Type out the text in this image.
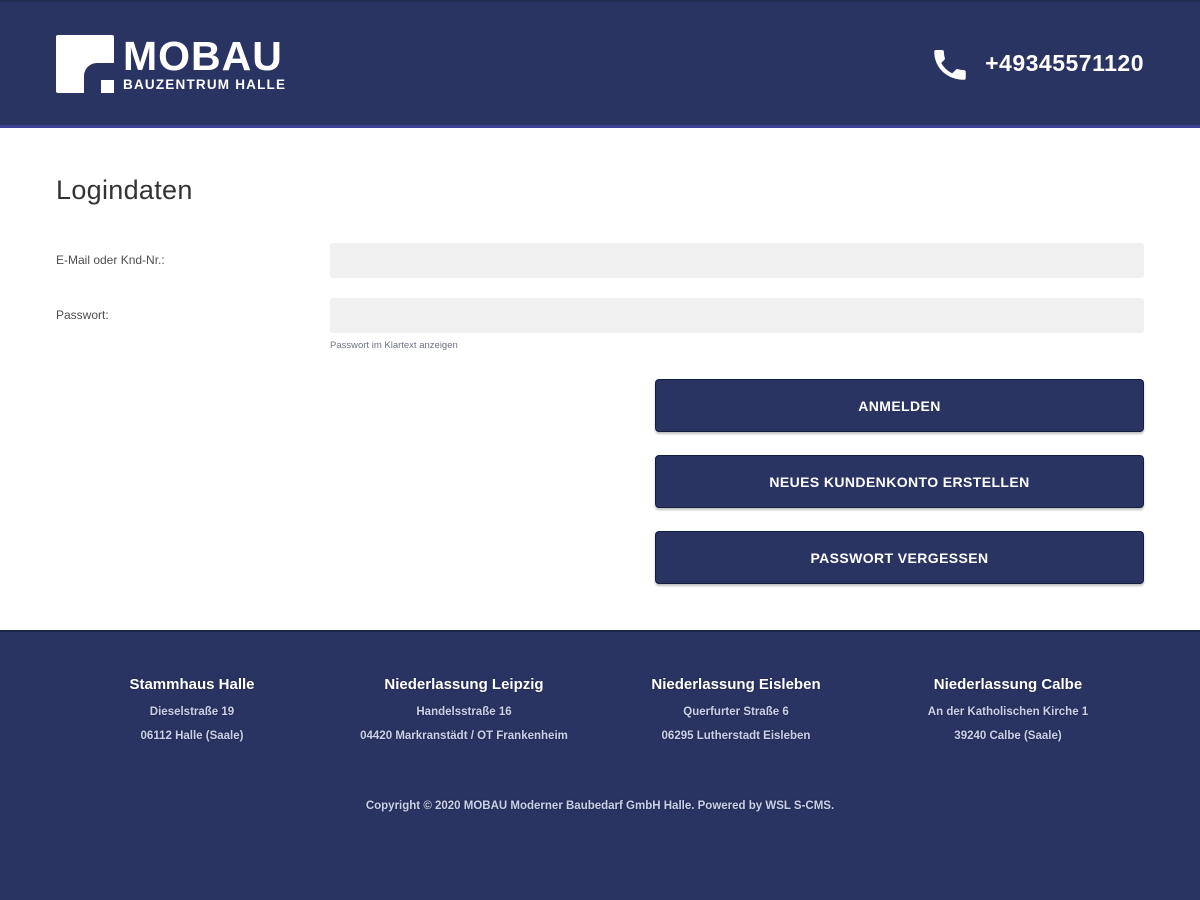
MOBAU
BAUZENTRUM HALLE
+49345571120
Logindaten
E-Mail oder Knd-Nr.:
Passwort:
Passwort im Klartext anzeigen
ANMELDEN
NEUES KUNDENKONTO ERSTELLEN
PASSWORT VERGESSEN
Stammhaus Halle
Dieselstraße 19
06112 Halle (Saale)
Niederlassung Leipzig
Handelsstraße 16
04420 Markranstädt / OT Frankenheim
Niederlassung Eisleben
Querfurter Straße 6
06295 Lutherstadt Eisleben
Niederlassung Calbe
An der Katholischen Kirche 1
39240 Calbe (Saale)
Copyright © 2020 MOBAU Moderner Baubedarf GmbH Halle. Powered by WSL S-CMS.
